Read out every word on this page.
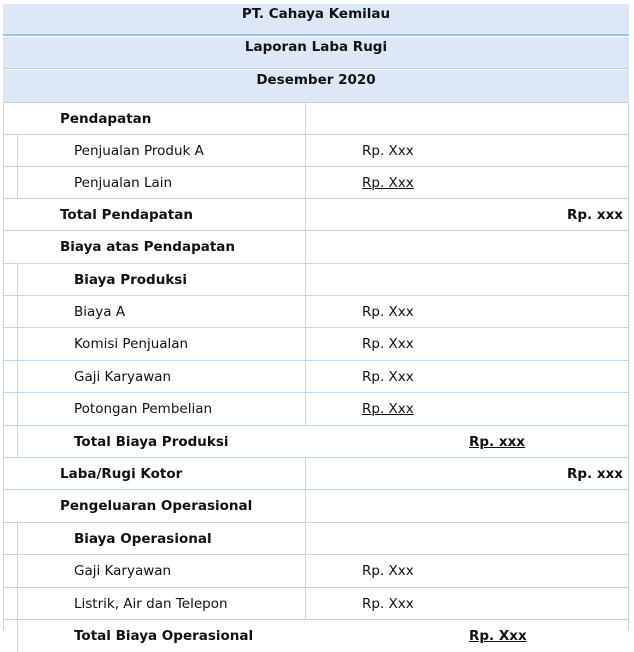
PT. Cahaya Kemilau
Laporan Laba Rugi
Desember 2020
Pendapatan
Penjualan Produk A	Rp. Xxx
Penjualan Lain	Rp. Xxx
Total Pendapatan	Rp. xxx
Biaya atas Pendapatan
Biaya Produksi
Biaya A	Rp. Xxx
Komisi Penjualan	Rp. Xxx
Gaji Karyawan	Rp. Xxx
Potongan Pembelian	Rp. Xxx
Total Biaya Produksi	Rp. xxx
Laba/Rugi Kotor	Rp. xxx
Pengeluaran Operasional
Biaya Operasional
Gaji Karyawan	Rp. Xxx
Listrik, Air dan Telepon	Rp. Xxx
Total Biaya Operasional	Rp. Xxx
